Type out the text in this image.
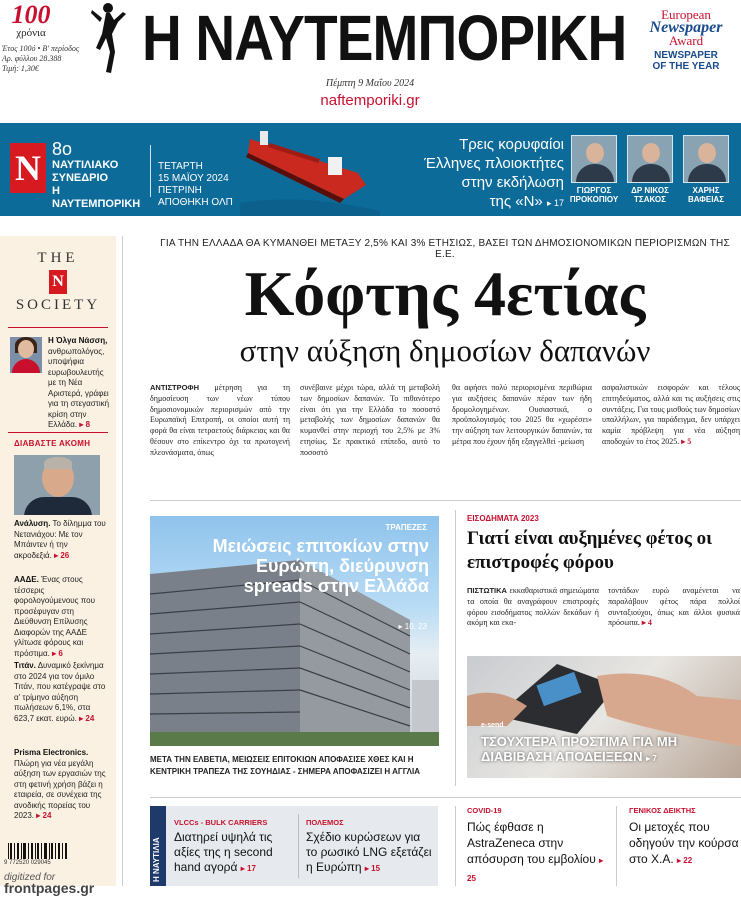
100
χρόνια
Έτος 100ό • Β' περίοδος
Αρ. φύλλου 28.388
Τιμή: 1,30€	Η ΝΑΥΤΕΜΠΟΡΙΚΗ
Πέμπτη 9 Μαΐου 2024
naftemporiki.gr
European
Newspaper
Award
NEWSPAPER
OF THE YEAR
N 8ο
ΝΑΥΤΙΛΙΑΚΟ
ΣΥΝΕΔΡΙΟ
Η ΝΑΥΤΕΜΠΟΡΙΚΗ
ΤΕΤΑΡΤΗ
15 ΜΑΪΟΥ 2024
ΠΕΤΡΙΝΗ
ΑΠΟΘΗΚΗ ΟΛΠ
Τρεις κορυφαίοι
Έλληνες πλοιοκτήτες
στην εκδήλωση
της «Ν» ▸ 17
ΓΙΩΡΓΟΣ
ΠΡΟΚΟΠΙΟΥ
ΔΡ ΝΙΚΟΣ
ΤΣΑΚΟΣ
ΧΑΡΗΣ
ΒΑΦΕΙΑΣ
THE
N
SOCIETY
Η Όλγα Νάσση, ανθρωπολόγος, υποψήφια ευρωβουλευτής με τη Νέα Αριστερά, γράφει για τη στεγαστική κρίση στην Ελλάδα. ▸ 8
ΔΙΑΒΑΣΤΕ ΑΚΟΜΗ
Ανάλυση. Το δίλημμα του Νετανιάχου: Με τον Μπάιντεν ή την ακροδεξιά. ▸ 26
ΑΑΔΕ. Ένας στους τέσσερις φορολογούμενους που προσέφυγαν στη Διεύθυνση Επίλυσης Διαφορών της ΑΑΔΕ γλίτωσε φόρους και πρόστιμα. ▸ 6
Τιτάν. Δυναμικό ξεκίνημα στο 2024 για τον όμιλο Τιτάν, που κατέγραψε στο α' τρίμηνο αύξηση πωλήσεων 6,1%, στα 623,7 εκατ. ευρώ. ▸ 24
Prisma Electronics. Πλώρη για νέα μεγάλη αύξηση των εργασιών της στη φετινή χρήση βάζει η εταιρεία, σε συνέχεια της ανοδικής πορείας του 2023. ▸ 24
9 772520 029045
digitized for
frontpages.gr
ΓΙΑ ΤΗΝ ΕΛΛΑΔΑ ΘΑ ΚΥΜΑΝΘΕΙ ΜΕΤΑΞΥ 2,5% ΚΑΙ 3% ΕΤΗΣΙΩΣ, ΒΑΣΕΙ ΤΩΝ ΔΗΜΟΣΙΟΝΟΜΙΚΩΝ ΠΕΡΙΟΡΙΣΜΩΝ ΤΗΣ Ε.Ε.
Κόφτης 4ετίας
στην αύξηση δημοσίων δαπανών
ΑΝΤΙΣΤΡΟΦΗ μέτρηση για τη δημοσίευση των νέων τύπου δημοσιονομικών περιορισμών από την Ευρωπαϊκή Επιτροπή, οι οποίοι αυτή τη φορά θα είναι τετραετούς διάρκειας και θα θέσουν στο επίκεντρο όχι τα πρωτογενή πλεονάσματα, όπως
συνέβαινε μέχρι τώρα, αλλά τη μεταβολή των δημοσίων δαπανών. Το πιθανότερο είναι ότι για την Ελλάδα το ποσοστό μεταβολής των δημοσίων δαπανών θα κυμανθεί στην περιοχή του 2,5% με 3% ετησίως. Σε πρακτικό επίπεδο, αυτό το ποσοστό
θα αφήσει πολύ περιορισμένα περιθώρια για αυξήσεις δαπανών πέραν των ήδη δρομολογημένων. Ουσιαστικά, ο προϋπολογισμός του 2025 θα «χωρέσει» την αύξηση των λειτουργικών δαπανών, τα μέτρα που έχουν ήδη εξαγγελθεί -μείωση
ασφαλιστικών εισφορών και τέλους επιτηδεύματος, αλλά και τις αυξήσεις στις συντάξεις. Για τους μισθούς των δημοσίων υπαλλήλων, για παράδειγμα, δεν υπάρχει καμία πρόβλεψη για νέα αύξηση αποδοχών το έτος 2025. ▸ 5
ΤΡΑΠΕΖΕΣ
Μειώσεις επιτοκίων στην Ευρώπη, διεύρυνση spreads στην Ελλάδα
▸ 10, 23
ΜΕΤΑ ΤΗΝ ΕΛΒΕΤΙΑ, ΜΕΙΩΣΕΙΣ ΕΠΙΤΟΚΙΩΝ ΑΠΟΦΑΣΙΣΕ ΧΘΕΣ ΚΑΙ Η ΚΕΝΤΡΙΚΗ ΤΡΑΠΕΖΑ ΤΗΣ ΣΟΥΗΔΙΑΣ - ΣΗΜΕΡΑ ΑΠΟΦΑΣΙΖΕΙ Η ΑΓΓΛΙΑ
ΕΙΣΟΔΗΜΑΤΑ 2023
Γιατί είναι αυξημένες φέτος οι επιστροφές φόρου
ΠΙΣΤΩΤΙΚΑ εκκαθαριστικά σημειώματα τα οποία θα αναγράφουν επιστροφές φόρου εισοδήματος πολλών δεκάδων ή ακόμη και εκα-
τοντάδων ευρώ αναμένεται να παραλάβουν φέτος πάρα πολλοί συνταξιούχοι, όπως και άλλοι φυσικά πρόσωπα. ▸ 4
e-send
ΤΣΟΥΧΤΕΡΑ ΠΡΟΣΤΙΜΑ ΓΙΑ ΜΗ ΔΙΑΒΙΒΑΣΗ ΑΠΟΔΕΙΞΕΩΝ ▸ 7
Η ΝΑΥΤΙΛΙΑ
VLCCs - BULK CARRIERS
Διατηρεί υψηλά τις αξίες της η second hand αγορά ▸ 17
ΠΟΛΕΜΟΣ
Σχέδιο κυρώσεων για το ρωσικό LNG εξετάζει η Ευρώπη ▸ 15
COVID-19
Πώς έφθασε η AstraZeneca στην απόσυρση του εμβολίου ▸ 25
ΓΕΝΙΚΟΣ ΔΕΙΚΤΗΣ
Οι μετοχές που οδηγούν την κούρσα στο Χ.Α. ▸ 22
